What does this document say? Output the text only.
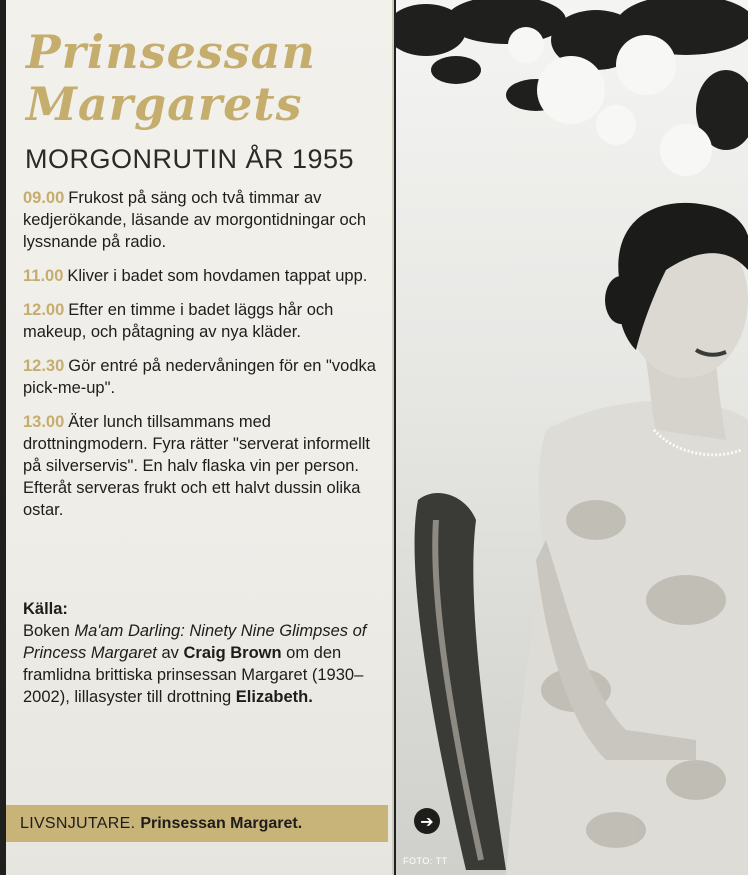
Prinsessan
Margarets
MORGONRUTIN ÅR 1955

09.00 Frukost på säng och två timmar av kedjerökande, läsande av morgontidningar och lyssnande på radio.

11.00 Kliver i badet som hovdamen tappat upp.

12.00 Efter en timme i badet läggs hår och makeup, och påtagning av nya kläder.

12.30 Gör entré på nedervåningen för en "vodka pick-me-up".

13.00 Äter lunch tillsammans med drottningmodern. Fyra rätter "serverat informellt på silverservis". En halv flaska vin per person. Efteråt serveras frukt och ett halvt dussin olika ostar.

Källa:

Boken Ma'am Darling: Ninety Nine Glimpses of Princess Margaret av Craig Brown om den framlidna brittiska prinsessan Margaret (1930–2002), lillasyster till drottning Elizabeth.

FOTO: TT
LIVSNJUTARE. Prinsessan Margaret.	➔
